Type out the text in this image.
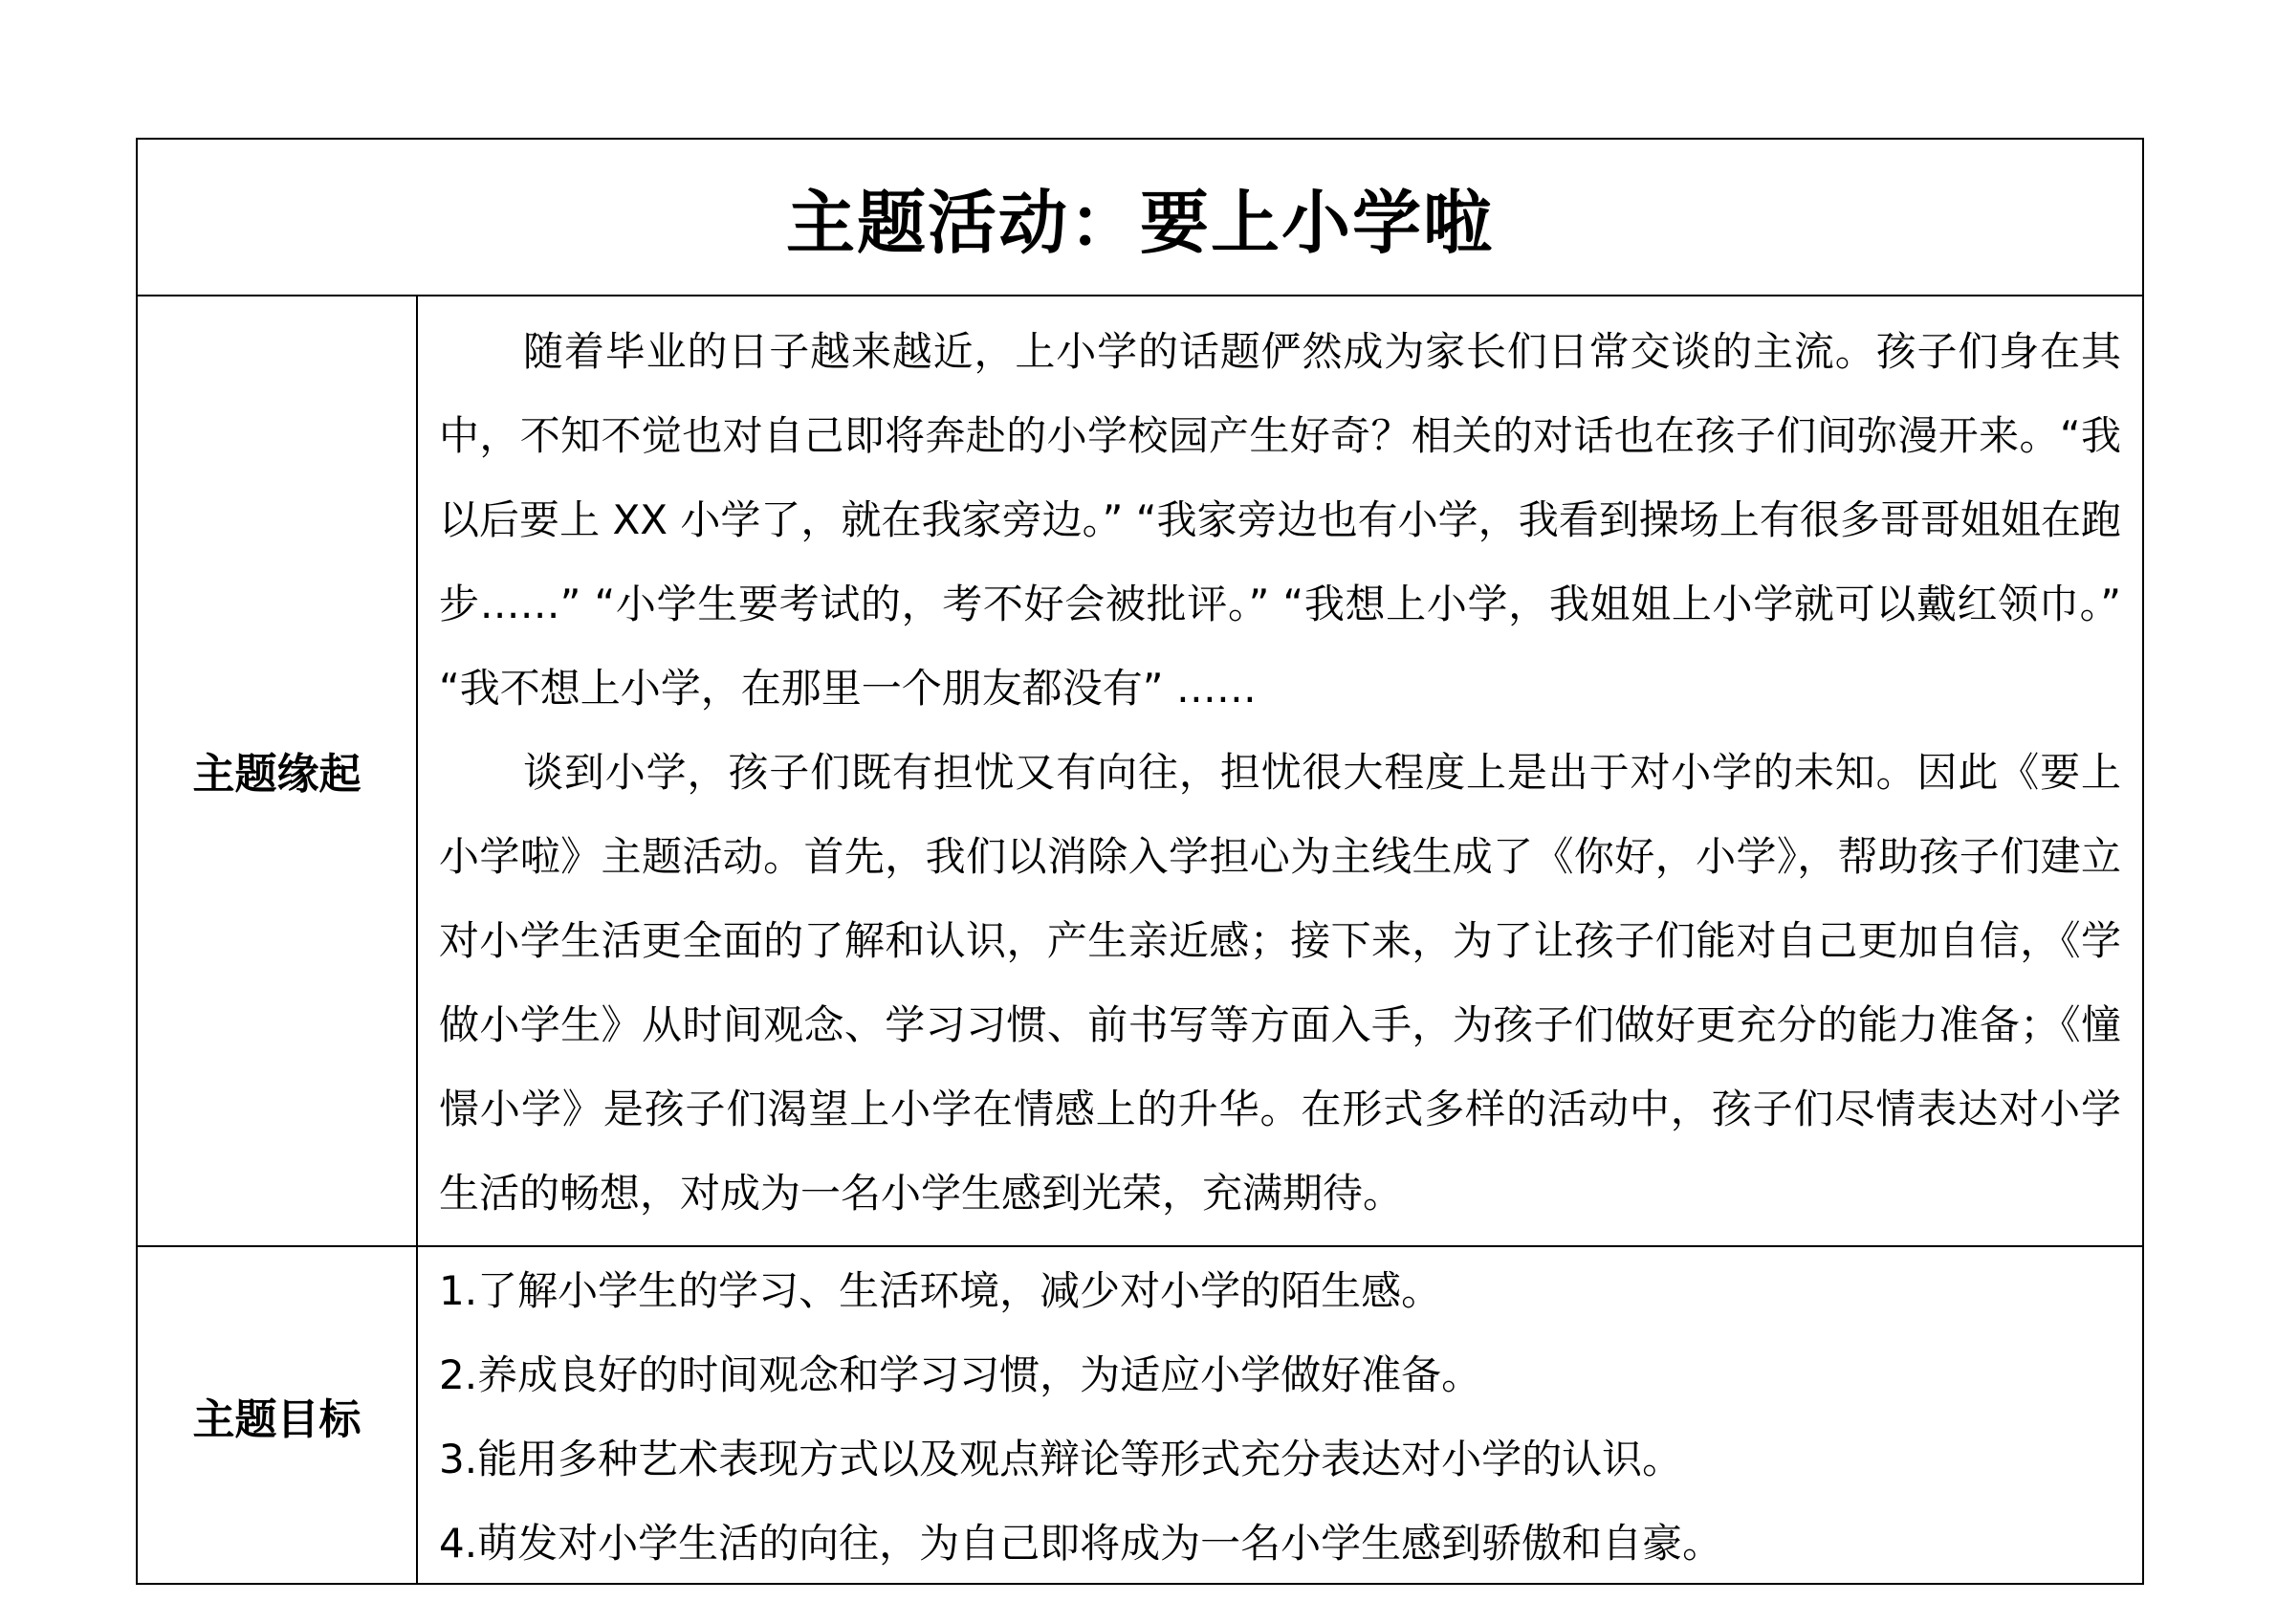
主题活动：要上小学啦
主题缘起

随着毕业的日子越来越近，上小学的话题俨然成为家长们日常交谈的主流。孩子们身在其中，不知不觉也对自己即将奔赴的小学校园产生好奇？相关的对话也在孩子们间弥漫开来。“我以后要上 XX 小学了，就在我家旁边。” “我家旁边也有小学，我看到操场上有很多哥哥姐姐在跑步……” “小学生要考试的，考不好会被批评。” “我想上小学，我姐姐上小学就可以戴红领巾。” “我不想上小学，在那里一个朋友都没有” ……

谈到小学，孩子们既有担忧又有向往，担忧很大程度上是出于对小学的未知。因此《要上小学啦》主题活动。首先，我们以消除入学担心为主线生成了《你好，小学》，帮助孩子们建立对小学生活更全面的了解和认识，产生亲近感；接下来，为了让孩子们能对自己更加自信，《学做小学生》从时间观念、学习习惯、前书写等方面入手，为孩子们做好更充分的能力准备；《憧憬小学》是孩子们渴望上小学在情感上的升华。在形式多样的活动中，孩子们尽情表达对小学生活的畅想，对成为一名小学生感到光荣，充满期待。

主题目标

1.了解小学生的学习、生活环境，减少对小学的陌生感。

2.养成良好的时间观念和学习习惯，为适应小学做好准备。

3.能用多种艺术表现方式以及观点辩论等形式充分表达对小学的认识。

4.萌发对小学生活的向往，为自己即将成为一名小学生感到骄傲和自豪。
